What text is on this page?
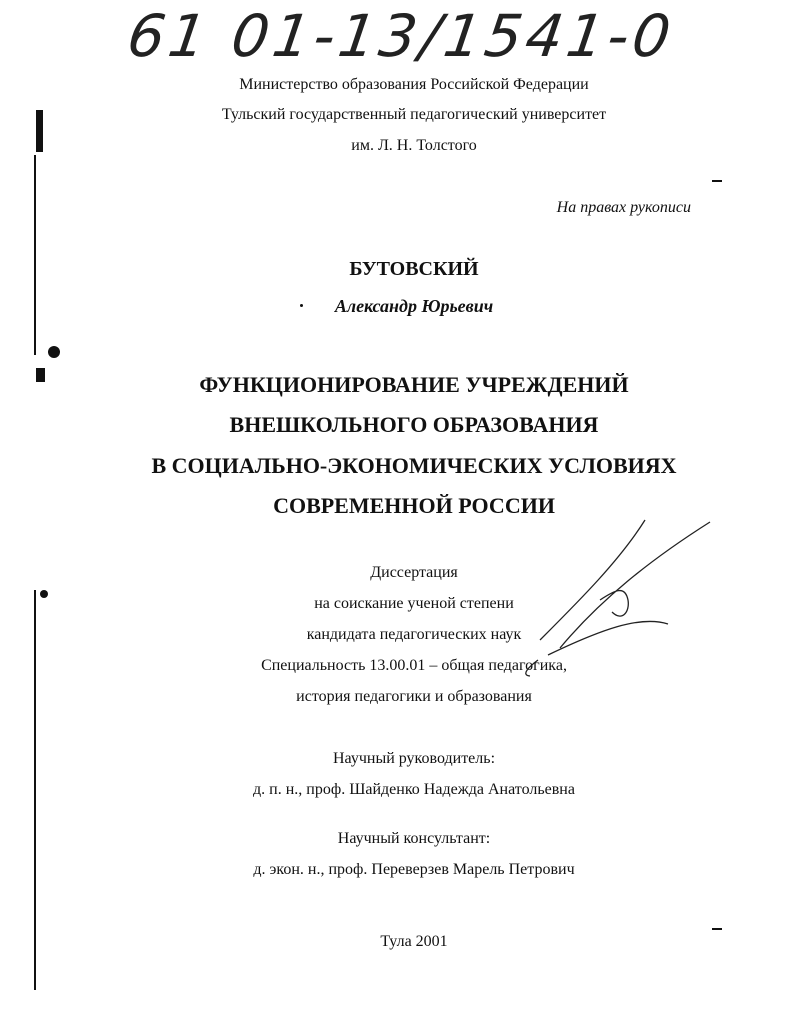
61 01-13/1541-0
Министерство образования Российской Федерации
Тульский государственный педагогический университет
им. Л. Н. Толстого
На правах рукописи
БУТОВСКИЙ
Александр Юрьевич
ФУНКЦИОНИРОВАНИЕ УЧРЕЖДЕНИЙ
ВНЕШКОЛЬНОГО ОБРАЗОВАНИЯ
В СОЦИАЛЬНО-ЭКОНОМИЧЕСКИХ УСЛОВИЯХ
СОВРЕМЕННОЙ РОССИИ
Диссертация
на соискание ученой степени
кандидата педагогических наук
Специальность 13.00.01 – общая педагогика,
история педагогики и образования
Научный руководитель:
д. п. н., проф. Шайденко Надежда Анатольевна
Научный консультант:
д. экон. н., проф. Переверзев Марель Петрович
Тула 2001
